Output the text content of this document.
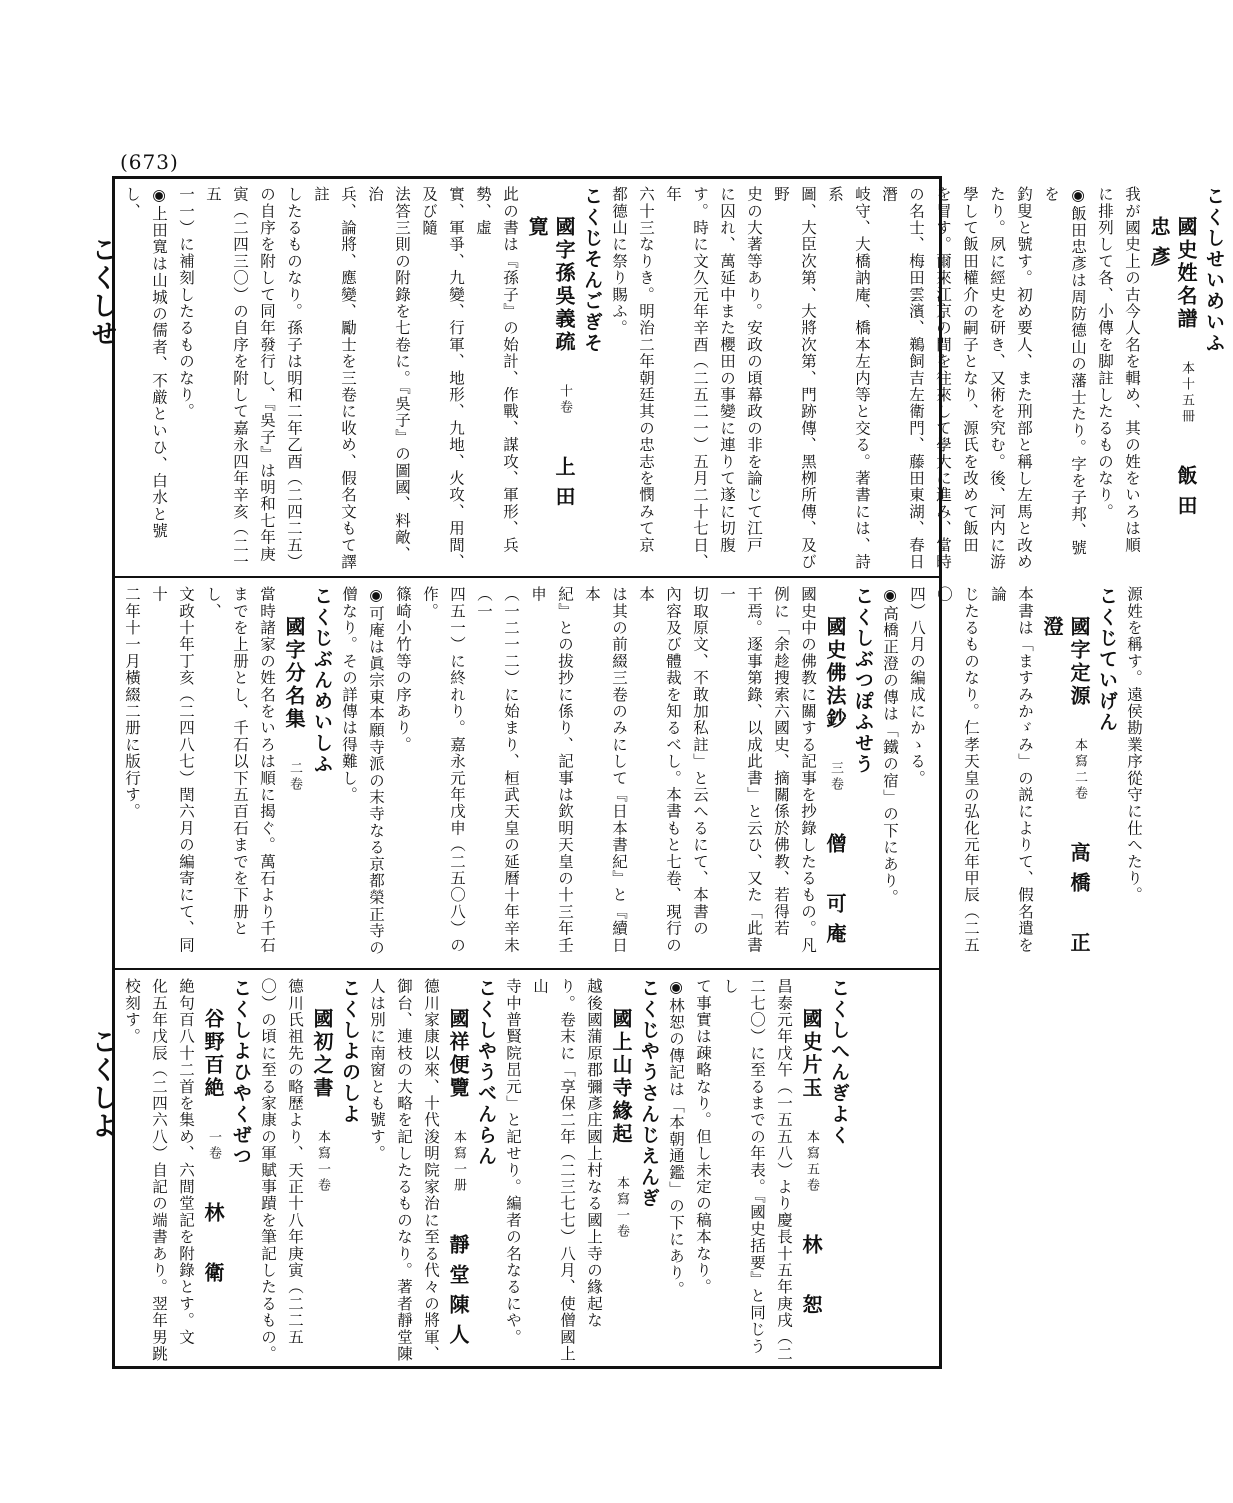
(673)
こくしせ
こくしよ

こくしせいめいふ

國史姓名譜本十五冊飯田　忠彥

我が國史上の古今人名を輯め、其の姓をいろは順

に排列して各、小傳を脚註したるものなり。

◉飯田忠彥は周防德山の藩士たり。字を子邦、號を

釣叟と號す。初め要人、また刑部と稱し左馬と改め

たり。夙に經史を研き、又術を究む。後、河内に游

學して飯田權介の嗣子となり、源氏を改めて飯田

を冒す。爾來江京の間を往來して學大に進み、當時

の名士、梅田雲濱、鵜飼吉左衛門、藤田東湖、春日潛

岐守、大橋訥庵、橋本左内等と交る。著書には、詩系

圖、大臣次第、大將次第、門跡傳、黑栁所傳、及び野

史の大著等あり。安政の頃幕政の非を論じて江戸

に囚れ、萬延中また櫻田の事變に連りて遂に切腹

す。時に文久元年辛酉（二五二一）五月二十七日、年

六十三なりき。明治二年朝廷其の忠志を憫みて京

都德山に祭り賜ふ。

こくじそんごぎそ

國字孫吳義疏十卷上田　寛

此の書は『孫子』の始計、作戰、謀攻、軍形、兵勢、虛

實、軍爭、九變、行軍、地形、九地、火攻、用間、及び隨

法答三則の附錄を七卷に。『吳子』の圖國、料敵、治

兵、論將、應變、勵士を三卷に收め、假名文もて譯註

したるものなり。孫子は明和二年乙酉（二四二五）

の自序を附して同年發行し、『吳子』は明和七年庚

寅（二四三〇）の自序を附して嘉永四年辛亥（二一五

一一）に補刻したるものなり。

◉上田寬は山城の儒者、不厳といひ、白水と號し、

源姓を稱す。遠侯勘業序從守に仕へたり。

こくじていげん

國字定源本寫二卷高橋　正澄

本書は「ますみかゞみ」の説によりて、假名遣を論

じたるものなり。仁孝天皇の弘化元年甲辰（二五〇

四）八月の編成にかゝる。

◉高橋正澄の傳は「鐵の宿」の下にあり。

こくしぶつぽふせう

國史佛法鈔三卷僧　可庵

國史中の佛教に關する記事を抄錄したるもの。凡

例に「余趁搜索六國史、摘關係於佛教、若得若

干焉。逐事第錄、以成此書」と云ひ、又た「此書一

切取原文、不敢加私註」と云へるにて、本書の

內容及び體裁を知るべし。本書もと七卷、現行の本

は其の前綴三卷のみにして『日本書紀』と『續日本

紀』との拔抄に係り、記事は欽明天皇の十三年壬申

（一二一二）に始まり、桓武天皇の延曆十年辛未（一

四五一）に終れり。嘉永元年戊申（二五〇八）の作。

篠崎小竹等の序あり。

◉可庵は眞宗東本願寺派の末寺なる京都榮正寺の

僧なり。その詳傳は得難し。

こくじぶんめいしふ

國字分名集二卷

當時諸家の姓名をいろは順に揭ぐ。萬石より千石

までを上册とし、千石以下五百石までを下册とし、

文政十年丁亥（二四八七）閏六月の編寄にて、同十

二年十一月橫綴二册に版行す。

こくしへんぎよく

國史片玉本寫五卷林　恕

昌泰元年戊午（一五五八）より慶長十五年庚戌（二

二七〇）に至るまでの年表。『國史括要』と同じうし

て事實は疎略なり。但し未定の稿本なり。

◉林恕の傳記は「本朝通鑑」の下にあり。

こくじやうさんじえんぎ

國上山寺緣起本寫一卷

越後國蒲原郡彌彥庄國上村なる國上寺の緣起な

り。卷末に「享保二年（二三七七）八月、使僧國上山

寺中普賢院旵元」と記せり。編者の名なるにや。

こくしやうべんらん

國祥便覽本寫一册靜堂陳人

德川家康以來、十代浚明院家治に至る代々の將軍、

御台、連枝の大略を記したるものなり。著者靜堂陳

人は別に南窗とも號す。

こくしよのしよ

國初之書本寫一卷

德川氏祖先の略歷より、天正十八年庚寅（二二五

〇）の頃に至る家康の軍賦事蹟を筆記したるもの。

こくしよひやくぜつ

谷野百絶一卷林　衛

絶句百八十二首を集め、六間堂記を附錄とす。文

化五年戊辰（二四六八）自記の端書あり。翌年男跳

校刻す。
